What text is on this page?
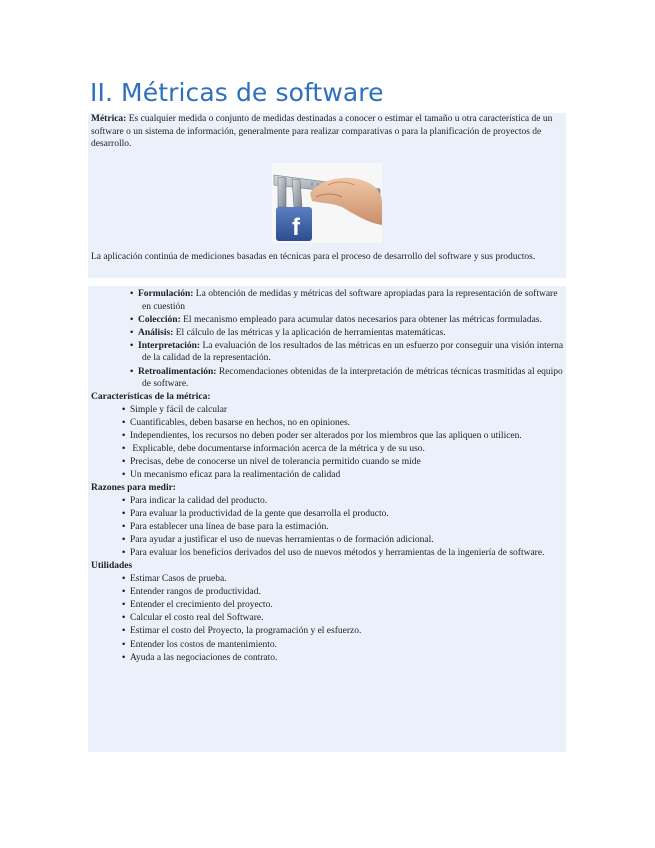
II. Métricas de software

Métrica: Es cualquier medida o conjunto de medidas destinadas a conocer o estimar el tamaño u otra característica de un software o un sistema de información, generalmente para realizar comparativas o para la planificación de proyectos de desarrollo.

f

La aplicación continúa de mediciones basadas en técnicas para el proceso de desarrollo del software y sus productos.

• Formulación: La obtención de medidas y métricas del software apropiadas para la representación de software en cuestión
• Colección: El mecanismo empleado para acumular datos necesarios para obtener las métricas formuladas.
• Análisis: El cálculo de las métricas y la aplicación de herramientas matemáticas.
• Interpretación: La evaluación de los resultados de las métricas en un esfuerzo por conseguir una visión interna de la calidad de la representación.
• Retroalimentación: Recomendaciones obtenidas de la interpretación de métricas técnicas trasmitidas al equipo de software.

Características de la métrica:

• Simple y fácil de calcular
• Cuantificables, deben basarse en hechos, no en opiniones.
• Independientes, los recursos no deben poder ser alterados por los miembros que las apliquen o utilicen.
• Explicable, debe documentarse información acerca de la métrica y de su uso.
• Precisas, debe de conocerse un nivel de tolerancia permitido cuando se mide
• Un mecanismo eficaz para la realimentación de calidad

Razones para medir:

• Para indicar la calidad del producto.
• Para evaluar la productividad de la gente que desarrolla el producto.
• Para establecer una línea de base para la estimación.
• Para ayudar a justificar el uso de nuevas herramientas o de formación adicional.
• Para evaluar los beneficios derivados del uso de nuevos métodos y herramientas de la ingeniería de software.

Utilidades

• Estimar Casos de prueba.
• Entender rangos de productividad.
• Entender el crecimiento del proyecto.
• Calcular el costo real del Software.
• Estimar el costo del Proyecto, la programación y el esfuerzo.
• Entender los costos de mantenimiento.
• Ayuda a las negociaciones de contrato.
